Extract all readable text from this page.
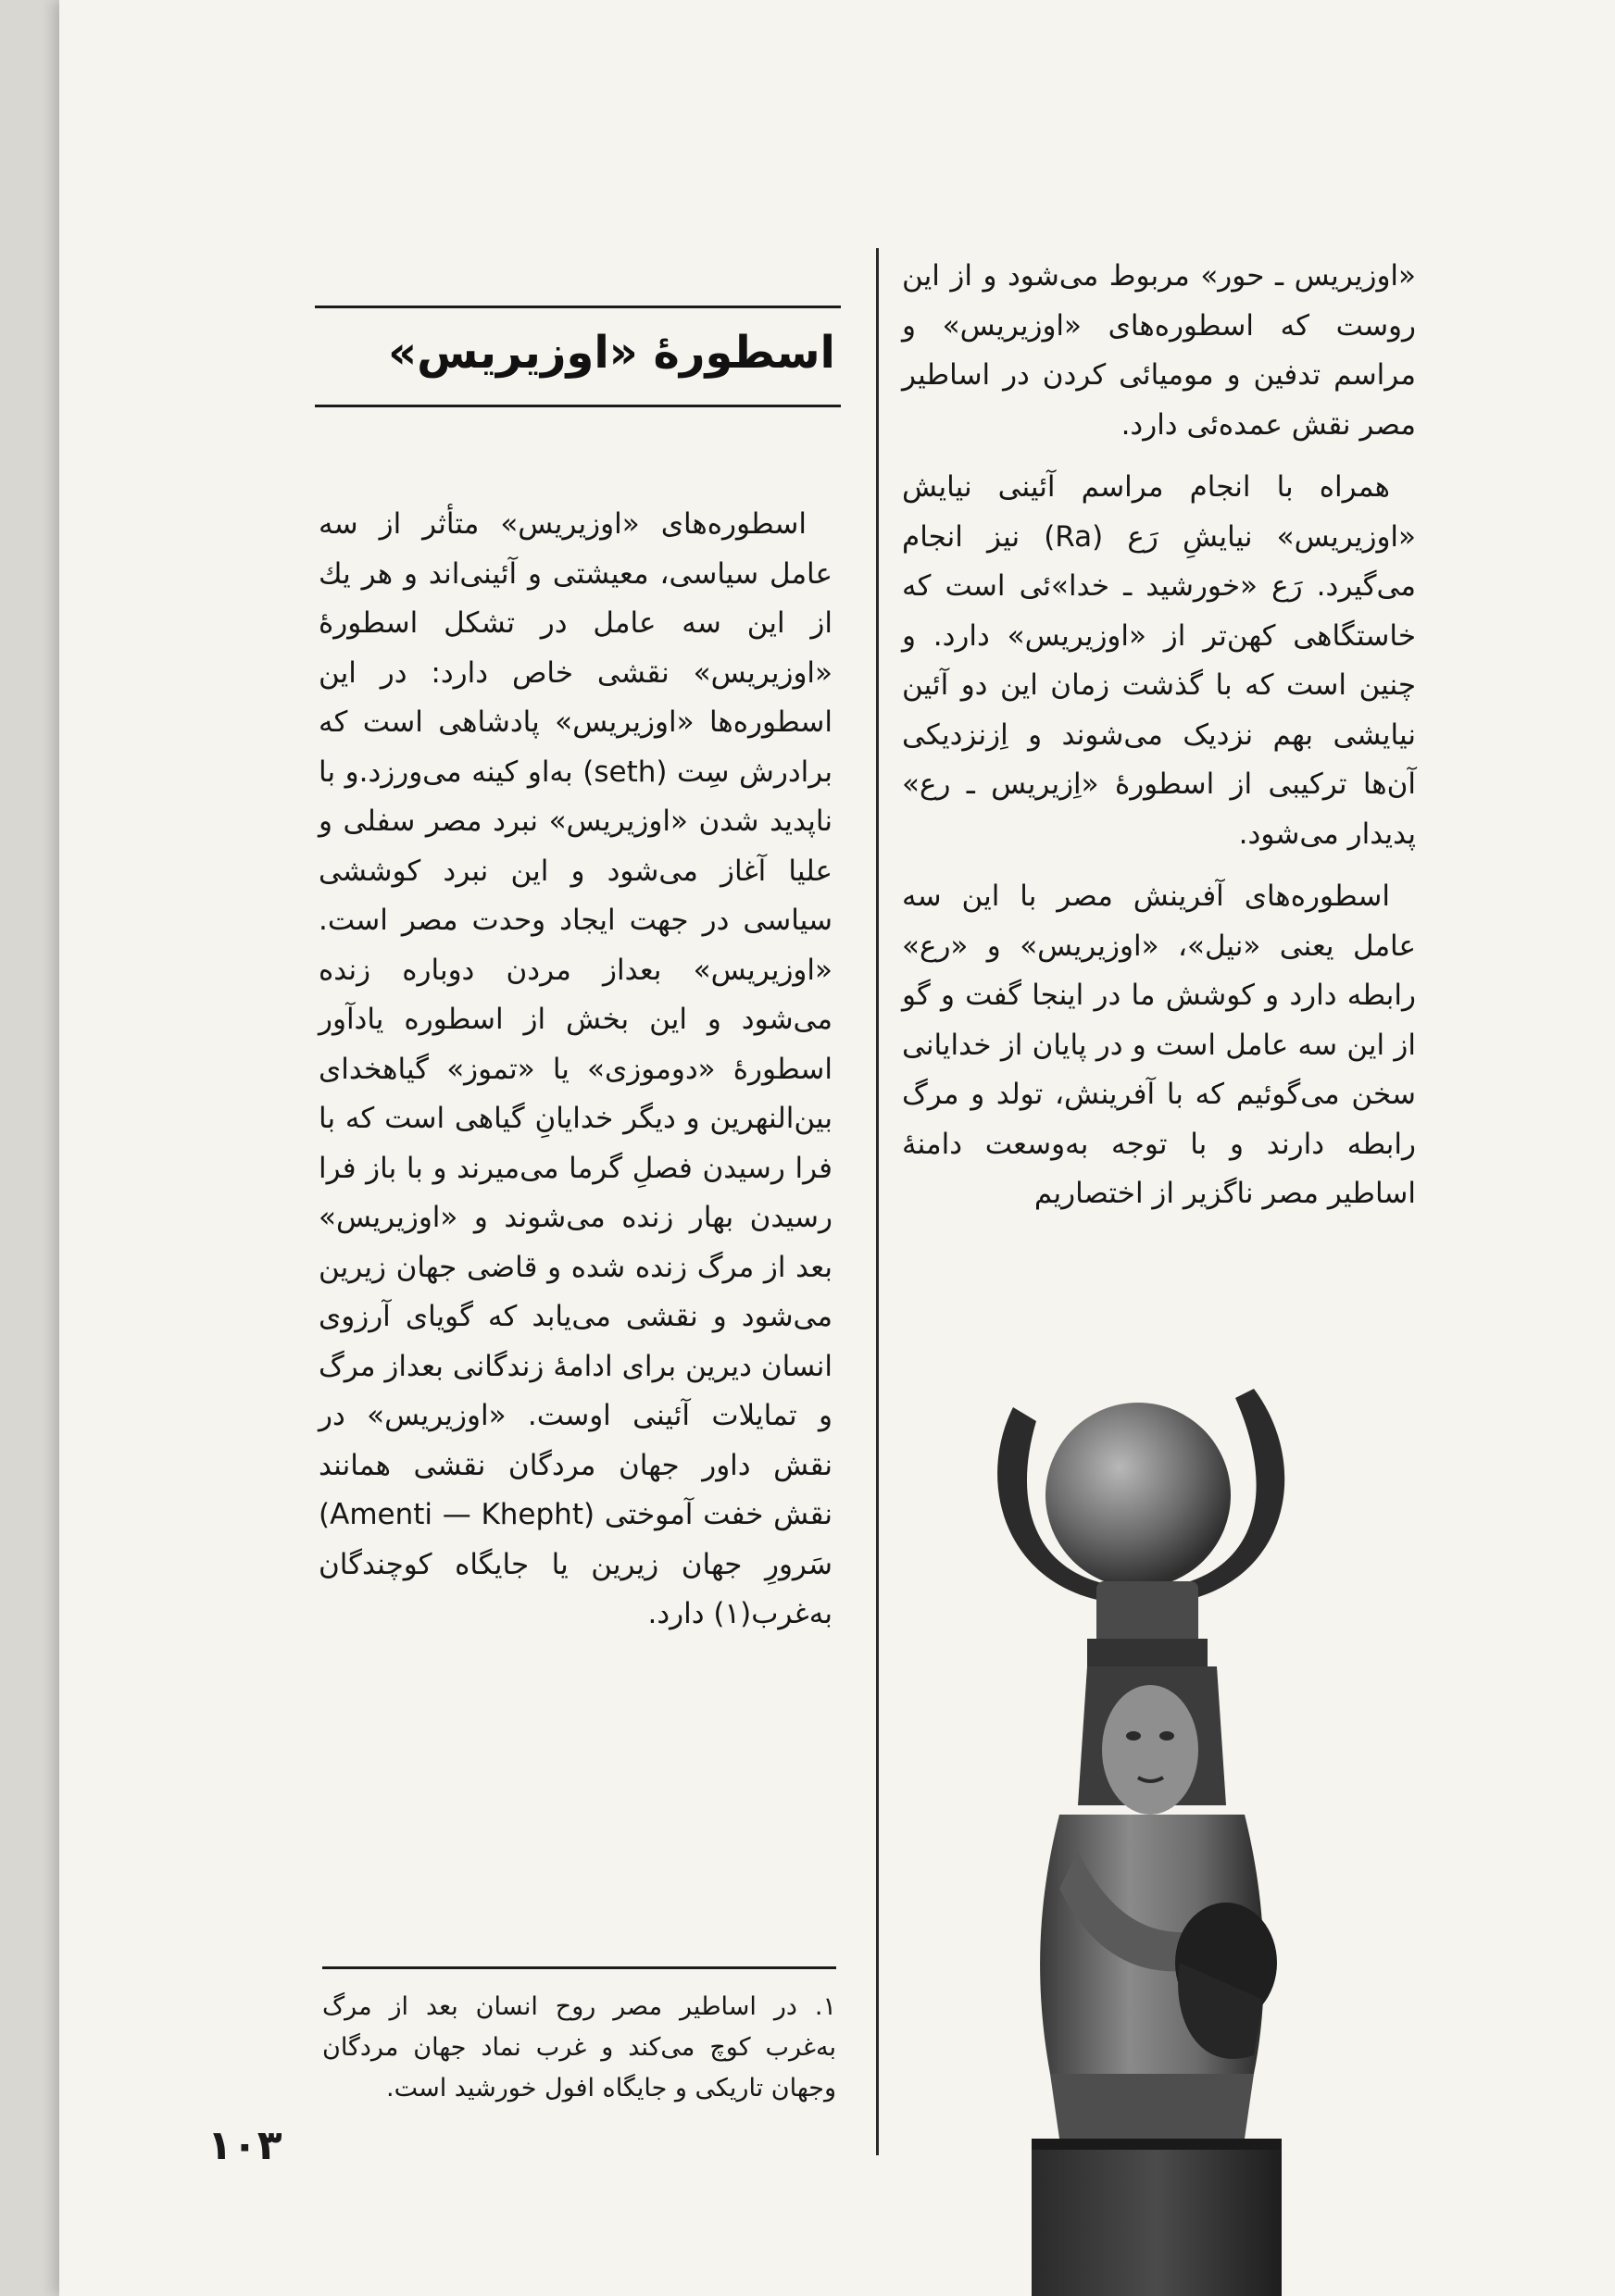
«اوزیریس ـ حور» مربوط می‌شود و از این روست که اسطوره‌های «اوزیریس» و مراسم تدفین و مومیائی کردن در اساطیر مصر نقش عمده‌ئی دارد.

همراه با انجام مراسم آئینی نیایش «اوزیریس» نیایشِ رَع (Ra) نیز انجام می‌گیرد. رَع «خورشید ـ خدا»ئی است که خاستگاهی کهن‌تر از «اوزیریس» دارد. و چنین است که با گذشت زمان این دو آئین نیایشی بهم نزدیک می‌شوند و اِزنزدیکی آن‌ها ترکیبی از اسطورهٔ «اِزیریس ـ رع» پدیدار می‌شود.

اسطوره‌های آفرینش مصر با این سه عامل یعنی «نیل»، «اوزیریس» و «رع» رابطه دارد و کوشش ما در اینجا گفت و گو از این سه عامل است و در پایان از خدایانی سخن می‌گوئیم که با آفرینش، تولد و مرگ رابطه دارند و با توجه به‌وسعت دامنهٔ اساطیر مصر ناگزیر از اختصاریم

اسطورهٔ «اوزیریس»

اسطوره‌های «اوزیریس» متأثر از سه عامل سیاسی، معیشتی و آئینی‌اند و هر یك از این سه عامل در تشکل اسطورهٔ «اوزیریس» نقشی خاص دارد: در این اسطوره‌ها «اوزیریس» پادشاهی است که برادرش سِت (seth) به‌او کینه می‌ورزد.و با ناپدید شدن «اوزیریس» نبرد مصر سفلی و علیا آغاز می‌شود و این نبرد کوششی سیاسی در جهت ایجاد وحدت مصر است. «اوزیریس» بعداز مردن دوباره زنده می‌شود و این بخش از اسطوره یادآور اسطورهٔ «دوموزی» یا «تموز» گیاهخدای بین‌النهرین و دیگر خدایانِ گیاهی است که با فرا رسیدن فصلِ گرما می‌میرند و با باز فرا رسیدن بهار زنده می‌شوند و «اوزیریس» بعد از مرگ زنده شده و قاضی جهان زیرین می‌شود و نقشی می‌یابد که گویای آرزوی انسان دیرین برای ادامهٔ زندگانی بعداز مرگ و تمایلات آئینی اوست. «اوزیریس» در نقش داور جهان مردگان نقشی همانند نقش خفت آموختی (Amenti — Khepht) سَرورِ جهان زیرین یا جایگاه کوچندگان به‌غرب(۱) دارد.

۱. در اساطیر مصر روح انسان بعد از مرگ به‌غرب کوچ می‌کند و غرب نماد جهان مردگان وجهان تاریکی و جایگاه افول خورشید است.
۱۰۳
